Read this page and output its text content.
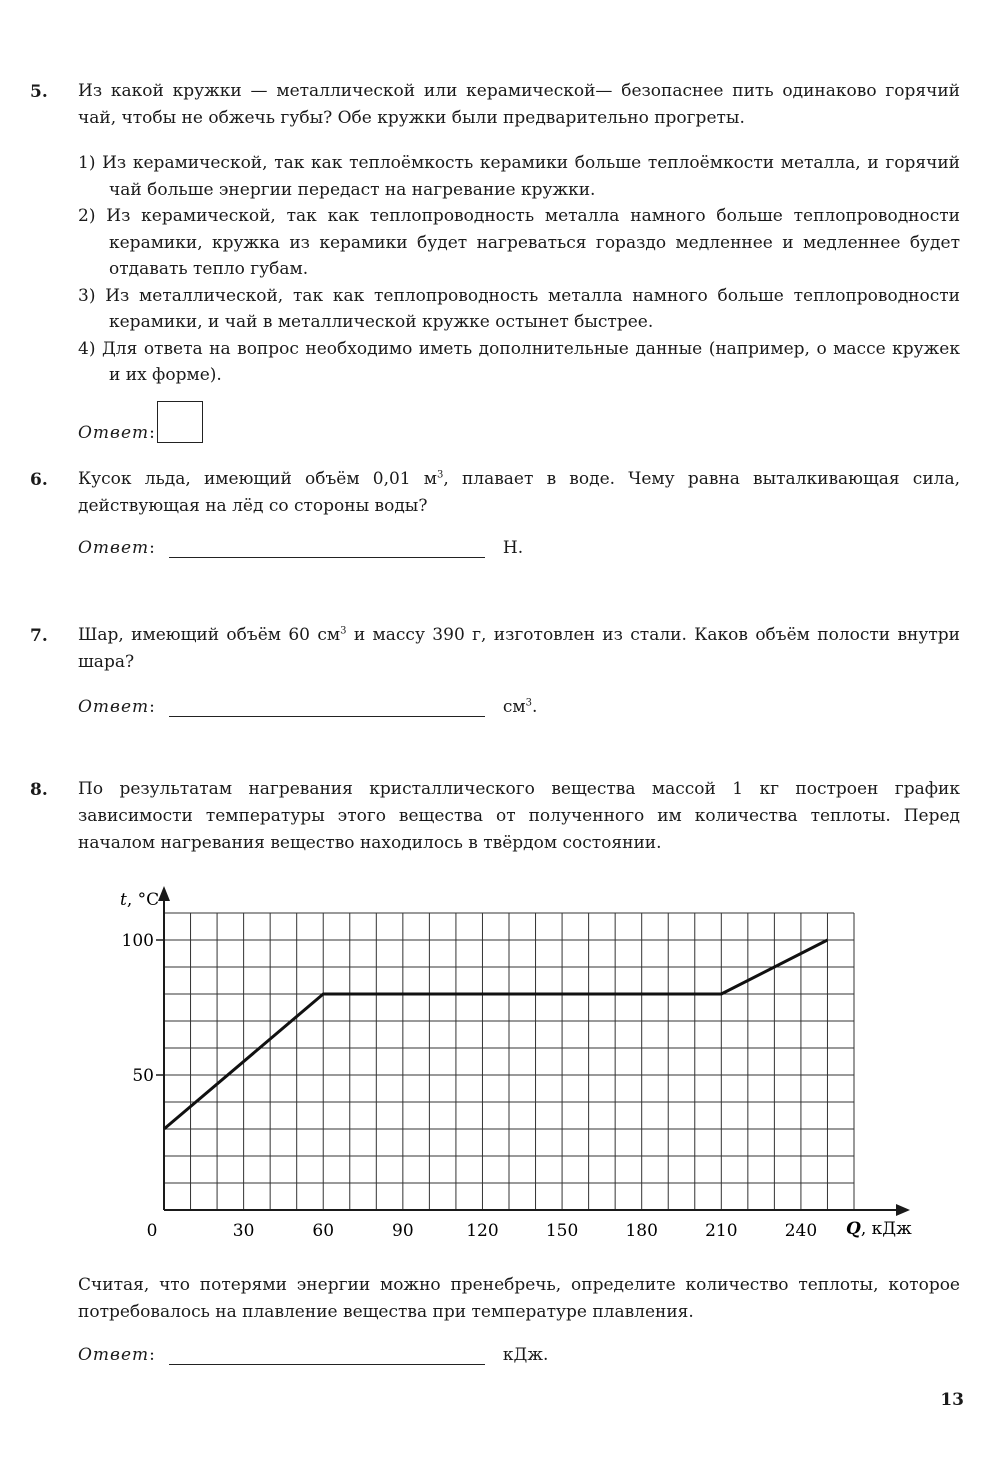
5. Из какой кружки — металлической или керамической— безопаснее пить одинаково горячий чай, чтобы не обжечь губы? Обе кружки были предварительно прогреты.
1) Из керамической, так как теплоёмкость керамики больше теплоёмкости металла, и горячий чай больше энергии передаст на нагревание кружки.
2) Из керамической, так как теплопроводность металла намного больше теплопроводности керамики, кружка из керамики будет нагреваться гораздо медленнее и медленнее будет отдавать тепло губам.
3) Из металлической, так как теплопроводность металла намного больше теплопроводности керамики, и чай в металлической кружке остынет быстрее.
4) Для ответа на вопрос необходимо иметь дополнительные данные (например, о массе кружек и их форме).
Ответ :
6. Кусок льда, имеющий объём 0,01 $м^3$, плавает в воде. Чему равна выталкивающая сила, действующая на лёд со стороны воды?
Ответ :	Н.
7. Шар, имеющий объём 60 $см^3$ и массу 390 г, изготовлен из стали. Каков объём полости внутри шара?
Ответ :	$см^3$.
8. По результатам нагревания кристаллического вещества массой 1 кг построен график зависимости температуры этого вещества от полученного им количества теплоты. Перед началом нагревания вещество находилось в твёрдом состоянии.
t, °С
Q, кДж
0	30	60	90	120	150	180	210	240
50
100
Считая, что потерями энергии можно пренебречь, определите количество теплоты, которое потребовалось на плавление вещества при температуре плавления.
Ответ :	кДж.
13
